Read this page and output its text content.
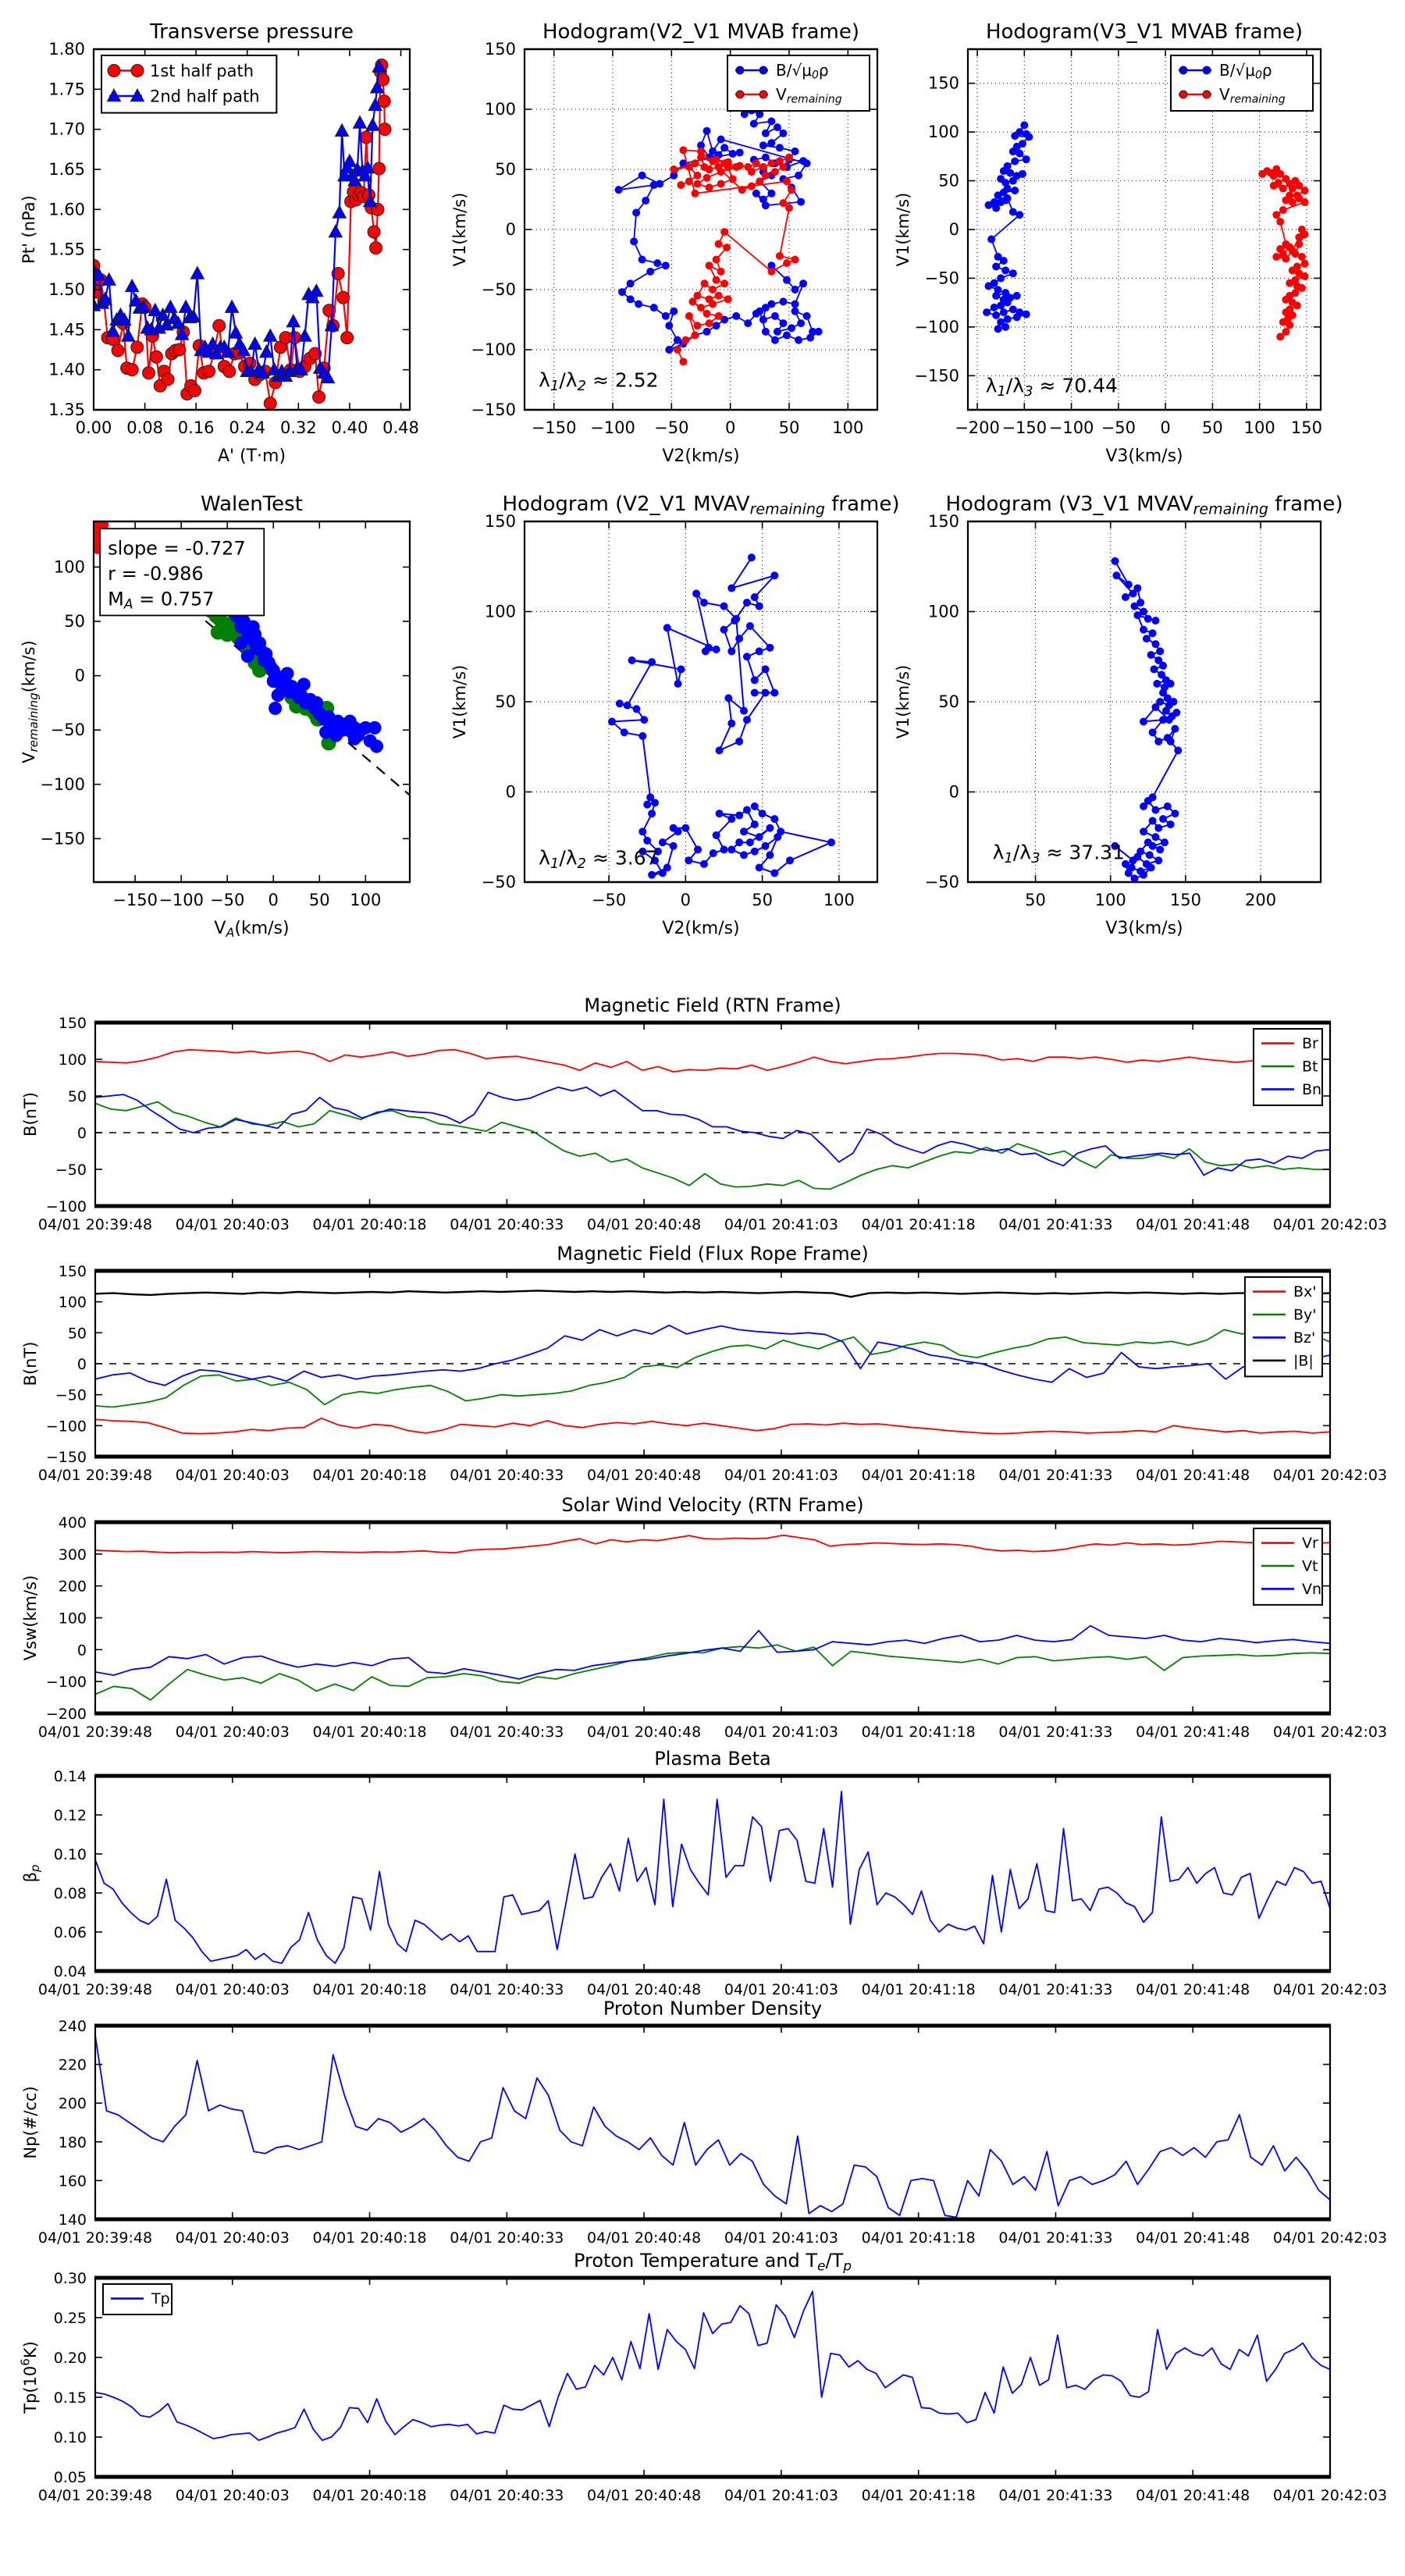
0.00 0.08 0.16 0.24 0.32 0.40 0.48
1.35
1.40
1.45
1.50
1.55
1.60
1.65
1.70
1.75
1.80
Transverse pressure
A' (T·m)
Pt' (nPa)
1st half path
2nd half path
−150 −100 −50 0	50 100
−150
−100
−50
0
50
100
150
Hodogram(V2_V1 MVAB frame)
V2(km/s)
V1(km/s)
λ1/λ2 ≈ 2.52
B/√μ0ρ
Vremaining
−200 −150 −100 −50 0 50 100 150
−150
−100
−50
0
50
100
150
Hodogram(V3_V1 MVAB frame)
V3(km/s)
V1(km/s)
λ1/λ3 ≈ 70.44
B/√μ0ρ
Vremaining
−150 −100 −50 0 50 100
−150
−100
−50
0
50
100
WalenTest
VA(km/s)
Vremaining(km/s)
slope = -0.727
r = -0.986
MA = 0.757
−50	0	50	100
−50
0
50
100
150
Hodogram (V2_V1 MVAVremaining frame)
V2(km/s)
V1(km/s)
λ1/λ2 ≈ 3.67
50	100	150	200
−50
0
50
100
150
Hodogram (V3_V1 MVAVremaining frame)
V3(km/s)
V1(km/s)
λ1/λ3 ≈ 37.31
04/01 20:39:48 04/01 20:40:03 04/01 20:40:18 04/01 20:40:33 04/01 20:40:48 04/01 20:41:03 04/01 20:41:18 04/01 20:41:33 04/01 20:41:48 04/01 20:42:03
−100
−50
0
50
100
150
Magnetic Field (RTN Frame)
B(nT)
Br
Bt
Bn
04/01 20:39:48 04/01 20:40:03 04/01 20:40:18 04/01 20:40:33 04/01 20:40:48 04/01 20:41:03 04/01 20:41:18 04/01 20:41:33 04/01 20:41:48 04/01 20:42:03
−150
−100
−50
0
50
100
150
Magnetic Field (Flux Rope Frame)
B(nT)
Bx'
By'
Bz'
|B|
04/01 20:39:48 04/01 20:40:03 04/01 20:40:18 04/01 20:40:33 04/01 20:40:48 04/01 20:41:03 04/01 20:41:18 04/01 20:41:33 04/01 20:41:48 04/01 20:42:03
−200
−100
0
100
200
300
400
Solar Wind Velocity (RTN Frame)
Vsw(km/s)
Vr
Vt
Vn
04/01 20:39:48 04/01 20:40:03 04/01 20:40:18 04/01 20:40:33 04/01 20:40:48 04/01 20:41:03 04/01 20:41:18 04/01 20:41:33 04/01 20:41:48 04/01 20:42:03
0.04
0.06
0.08
0.10
0.12
0.14
Plasma Beta
βp
04/01 20:39:48 04/01 20:40:03 04/01 20:40:18 04/01 20:40:33 04/01 20:40:48 04/01 20:41:03 04/01 20:41:18 04/01 20:41:33 04/01 20:41:48 04/01 20:42:03
140
160
180
200
220
240
Proton Number Density
Np(#/cc)
04/01 20:39:48 04/01 20:40:03 04/01 20:40:18 04/01 20:40:33 04/01 20:40:48 04/01 20:41:03 04/01 20:41:18 04/01 20:41:33 04/01 20:41:48 04/01 20:42:03
0.05
0.10
0.15
0.20
0.25
0.30
Proton Temperature and Te/Tp
$Tp(10^6K)$
Tp
